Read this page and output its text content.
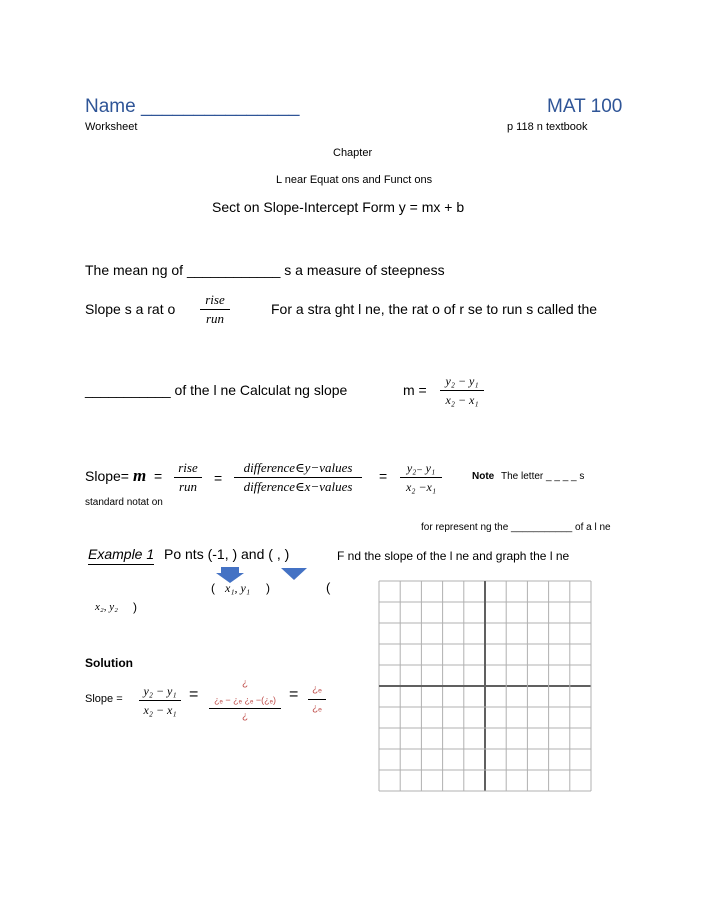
Name _______________	MAT 100
Worksheet	p 118 n textbook
Chapter
L near Equat ons and Funct ons
Sect on Slope-Intercept Form y = mx + b
The mean ng of ____________ s a measure of steepness
Slope s a rat o
rise
run
For a stra ght l ne, the rat o of r se to run s called the
___________ of the l ne Calculat ng slope	m =
y₂ − y₁
x₂ − x₁
Slope= m =
rise
run
=
difference∈y−values
difference∈x−values
=	y₂₋ y₁
x₂ −x₁
Note The letter _ _ _ _ s
standard notat on
for represent ng the ___________ of a l ne
Example 1 Po nts (-1, ) and ( , )	F nd the slope of the l ne and graph the l ne
( x₁, y₁ )	(
x₂, y₂ )
Solution
Slope =
y₂ − y₁
x₂ − x₁
=
¿
¿ₑ − ¿ₑ ¿ₑ −(¿ₑ)
¿
=	¿ₑ
¿ₑ
